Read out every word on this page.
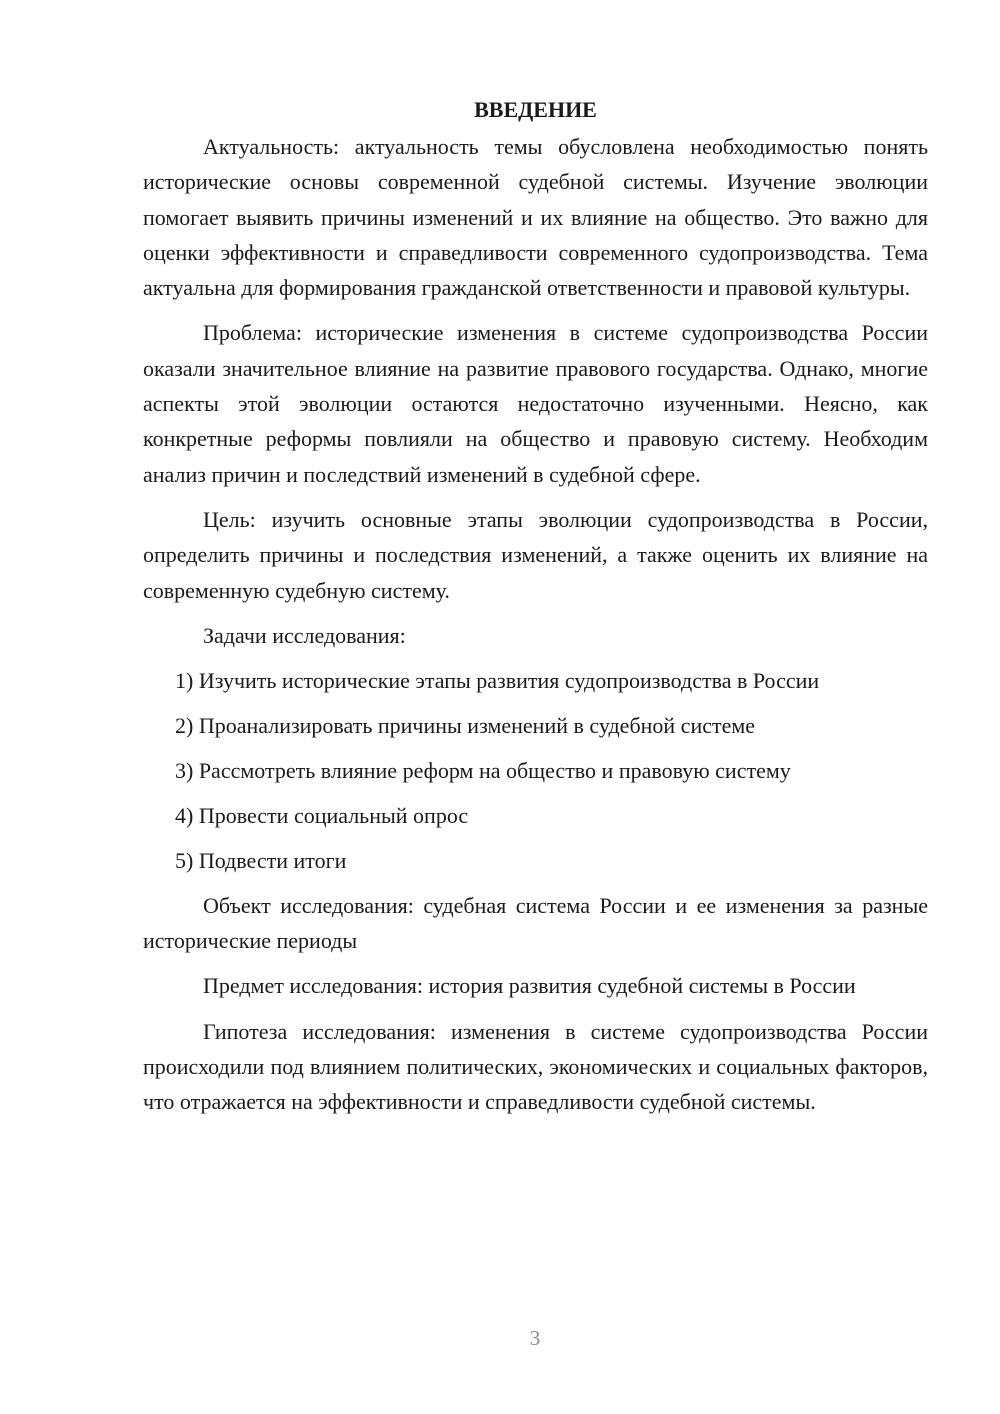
ВВЕДЕНИЕ

Актуальность: актуальность темы обусловлена необходимостью понять исторические основы современной судебной системы. Изучение эволюции помогает выявить причины изменений и их влияние на общество. Это важно для оценки эффективности и справедливости современного судопроизводства. Тема актуальна для формирования гражданской ответственности и правовой культуры.

Проблема: исторические изменения в системе судопроизводства России оказали значительное влияние на развитие правового государства. Однако, многие аспекты этой эволюции остаются недостаточно изученными. Неясно, как конкретные реформы повлияли на общество и правовую систему. Необходим анализ причин и последствий изменений в судебной сфере.

Цель: изучить основные этапы эволюции судопроизводства в России, определить причины и последствия изменений, а также оценить их влияние на современную судебную систему.

Задачи исследования:

1) Изучить исторические этапы развития судопроизводства в России
2) Проанализировать причины изменений в судебной системе
3) Рассмотреть влияние реформ на общество и правовую систему
4) Провести социальный опрос
5) Подвести итоги

Объект исследования: судебная система России и ее изменения за разные исторические периоды

Предмет исследования: история развития судебной системы в России

Гипотеза исследования: изменения в системе судопроизводства России происходили под влиянием политических, экономических и социальных факторов, что отражается на эффективности и справедливости судебной системы.

3
